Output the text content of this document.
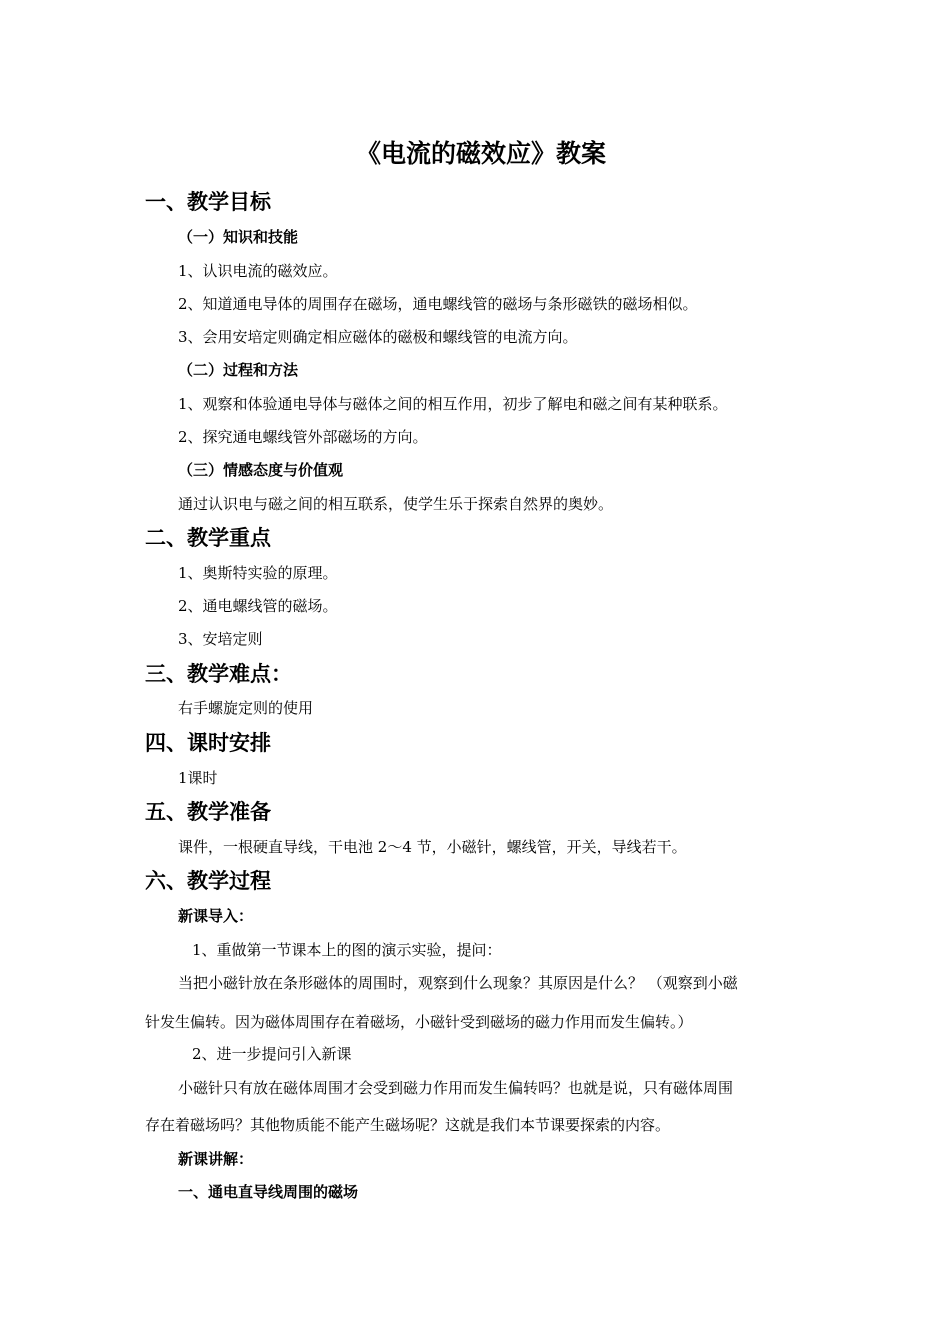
《电流的磁效应》教案
一、教学目标
（一）知识和技能
1、认识电流的磁效应。
2、知道通电导体的周围存在磁场，通电螺线管的磁场与条形磁铁的磁场相似。
3、会用安培定则确定相应磁体的磁极和螺线管的电流方向。
（二）过程和方法
1、观察和体验通电导体与磁体之间的相互作用，初步了解电和磁之间有某种联系。
2、探究通电螺线管外部磁场的方向。
（三）情感态度与价值观
通过认识电与磁之间的相互联系，使学生乐于探索自然界的奥妙。
二、教学重点
1、奥斯特实验的原理。
2、通电螺线管的磁场。
3、安培定则
三、教学难点：
右手螺旋定则的使用
四、课时安排
1课时
五、教学准备
课件，一根硬直导线，干电池 2～4 节，小磁针，螺线管，开关，导线若干。
六、教学过程
新课导入：
1、重做第一节课本上的图的演示实验，提问：
当把小磁针放在条形磁体的周围时，观察到什么现象？其原因是什么？ （观察到小磁
针发生偏转。因为磁体周围存在着磁场，小磁针受到磁场的磁力作用而发生偏转。）
2、进一步提问引入新课
小磁针只有放在磁体周围才会受到磁力作用而发生偏转吗？也就是说，只有磁体周围
存在着磁场吗？其他物质能不能产生磁场呢？这就是我们本节课要探索的内容。
新课讲解：
一、通电直导线周围的磁场
